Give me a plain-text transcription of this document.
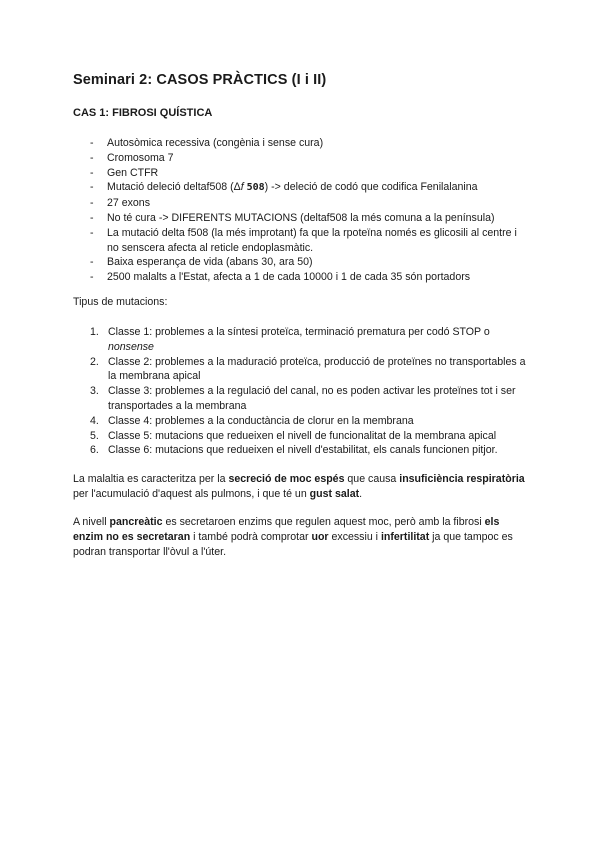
Seminari 2: CASOS PRÀCTICS (I i II)
CAS 1: FIBROSI QUÍSTICA
- Autosòmica recessiva (congènia i sense cura)
- Cromosoma 7
- Gen CTFR
- Mutació deleció deltaf508 (Δf 508) -> deleció de codó que codifica Fenilalanina
- 27 exons
- No té cura -> DIFERENTS MUTACIONS (deltaf508 la més comuna a la península)
- La mutació delta f508 (la més improtant) fa que la rpoteïna només es glicosili al centre i no senscera afecta al reticle endoplasmàtic.
- Baixa esperança de vida (abans 30, ara 50)
- 2500 malalts a l'Estat, afecta a 1 de cada 10000 i 1 de cada 35 són portadors
Tipus de mutacions:
1. Classe 1: problemes a la síntesi proteïca, terminació prematura per codó STOP o nonsense
2. Classe 2: problemes a la maduració proteïca, producció de proteïnes no transportables a la membrana apical
3. Classe 3: problemes a la regulació del canal, no es poden activar les proteïnes tot i ser transportades a la membrana
4. Classe 4: problemes a la conductància de clorur en la membrana
5. Classe 5: mutacions que redueixen el nivell de funcionalitat de la membrana apical
6. Classe 6: mutacions que redueixen el nivell d'estabilitat, els canals funcionen pitjor.

La malaltia es caracteritza per la secreció de moc espés que causa insuficiència respiratòria per l'acumulació d'aquest als pulmons, i que té un gust salat.

A nivell pancreàtic es secretaroen enzims que regulen aquest moc, però amb la fibrosi els enzim no es secretaran i també podrà comprotar uor excessiu i infertilitat ja que tampoc es podran transportar ll'òvul a l'úter.
